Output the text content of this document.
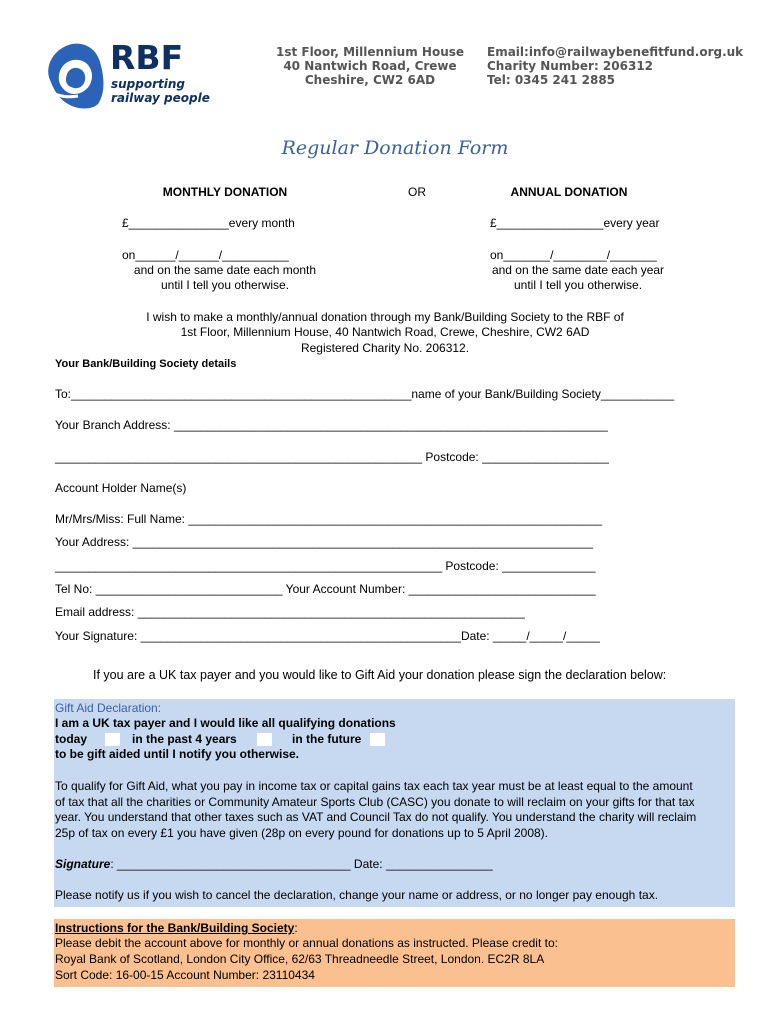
RBF
supporting
railway people
1st Floor, Millennium House
40 Nantwich Road, Crewe
Cheshire, CW2 6AD
Email:info@railwaybenefitfund.org.uk
Charity Number: 206312
Tel: 0345 241 2885
Regular Donation Form
MONTHLY DONATION	OR	ANNUAL DONATION
£_______________every month	£________________every year
on______/______/__________	on_______/________/_______
and on the same date each month	and on the same date each year
until I tell you otherwise.	until I tell you otherwise.
I wish to make a monthly/annual donation through my Bank/Building Society to the RBF of
1st Floor, Millennium House, 40 Nantwich Road, Crewe, Cheshire, CW2 6AD
Registered Charity No. 206312.
Your Bank/Building Society details
To:___________________________________________________name of your Bank/Building Society___________
Your Branch Address: _________________________________________________________________
_______________________________________________________ Postcode: ___________________
Account Holder Name(s)
Mr/Mrs/Miss: Full Name: ______________________________________________________________
Your Address: _____________________________________________________________________
__________________________________________________________ Postcode: ______________
Tel No: ____________________________ Your Account Number: ____________________________
Email address: __________________________________________________________
Your Signature: ________________________________________________Date: _____/_____/_____
If you are a UK tax payer and you would like to Gift Aid your donation please sign the declaration below:
Gift Aid Declaration:
I am a UK tax payer and I would like all qualifying donations
today	in the past 4 years	in the future
to be gift aided until I notify you otherwise.
To qualify for Gift Aid, what you pay in income tax or capital gains tax each tax year must be at least equal to the amount
of tax that all the charities or Community Amateur Sports Club (CASC) you donate to will reclaim on your gifts for that tax
year. You understand that other taxes such as VAT and Council Tax do not qualify. You understand the charity will reclaim
25p of tax on every £1 you have given (28p on every pound for donations up to 5 April 2008).
Signature: ___________________________________ Date: ________________
Please notify us if you wish to cancel the declaration, change your name or address, or no longer pay enough tax.
Instructions for the Bank/Building Society:
Please debit the account above for monthly or annual donations as instructed. Please credit to:
Royal Bank of Scotland, London City Office, 62/63 Threadneedle Street, London. EC2R 8LA
Sort Code: 16-00-15 Account Number: 23110434
